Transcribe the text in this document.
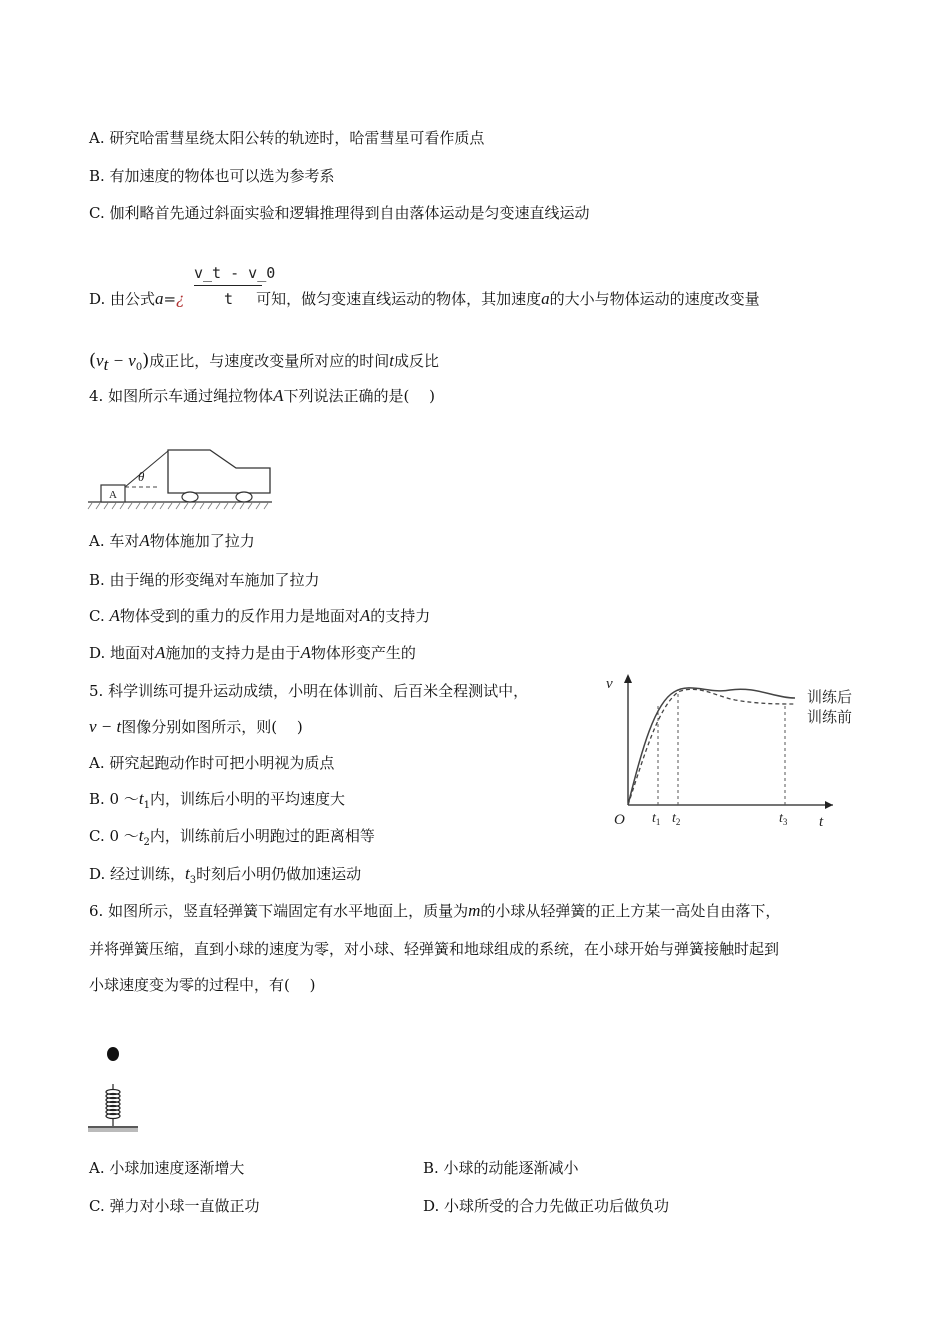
A. 研究哈雷彗星绕太阳公转的轨迹时，哈雷彗星可看作质点
B. 有加速度的物体也可以选为参考系
C. 伽利略首先通过斜面实验和逻辑推理得到自由落体运动是匀变速直线运动
D. 由公式a=¿	可知，做匀变速直线运动的物体，其加速度a的大小与物体运动的速度改变量
v_t - v_0
t
$(v_t - v_0)$成正比，与速度改变量所对应的时间t成反比
4. 如图所示车通过绳拉物体A下列说法正确的是(　 )
A
θ
A. 车对A物体施加了拉力
B. 由于绳的形变绳对车施加了拉力
C. A物体受到的重力的反作用力是地面对A的支持力
D. 地面对A施加的支持力是由于A物体形变产生的
5. 科学训练可提升运动成绩，小明在体训前、后百米全程测试中，
v − t图像分别如图所示，则(　 )
A. 研究起跑动作时可把小明视为质点
B. 0 $\sim t_1$内，训练后小明的平均速度大
C. 0 $\sim t_2$内，训练前后小明跑过的距离相等
D. 经过训练，$t_3$时刻后小明仍做加速运动
v
t
O $t_1$ $t_2$	$t_3$
训练后
训练前
6. 如图所示，竖直轻弹簧下端固定有水平地面上，质量为m的小球从轻弹簧的正上方某一高处自由落下，
并将弹簧压缩，直到小球的速度为零，对小球、轻弹簧和地球组成的系统，在小球开始与弹簧接触时起到
小球速度变为零的过程中，有(　 )
A. 小球加速度逐渐增大	B. 小球的动能逐渐减小
C. 弹力对小球一直做正功	D. 小球所受的合力先做正功后做负功
